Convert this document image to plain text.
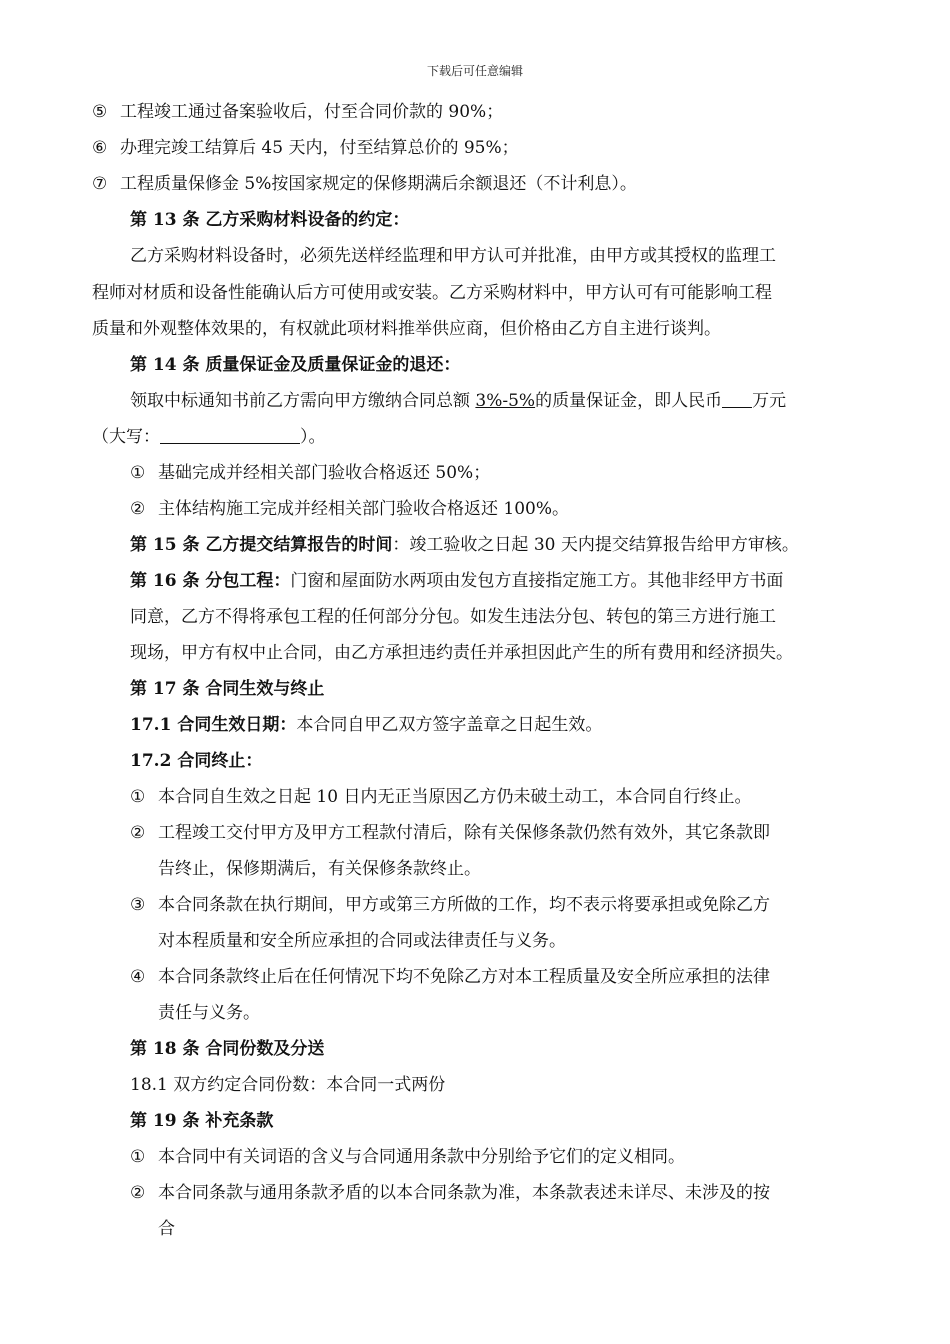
下载后可任意编辑
⑤ 工程竣工通过备案验收后，付至合同价款的 90%；
⑥ 办理完竣工结算后 45 天内，付至结算总价的 95%；
⑦ 工程质量保修金 5%按国家规定的保修期满后余额退还（不计利息）。
第 13 条 乙方采购材料设备的约定：
乙方采购材料设备时，必须先送样经监理和甲方认可并批准，由甲方或其授权的监理工
程师对材质和设备性能确认后方可使用或安装。乙方采购材料中，甲方认可有可能影响工程
质量和外观整体效果的，有权就此项材料推举供应商，但价格由乙方自主进行谈判。
第 14 条 质量保证金及质量保证金的退还：
领取中标通知书前乙方需向甲方缴纳合同总额 3%-5%的质量保证金，即人民币 万元
（大写：	）。
① 基础完成并经相关部门验收合格返还 50%；
② 主体结构施工完成并经相关部门验收合格返还 100%。
第 15 条 乙方提交结算报告的时间：竣工验收之日起 30 天内提交结算报告给甲方审核。
第 16 条 分包工程：门窗和屋面防水两项由发包方直接指定施工方。其他非经甲方书面
同意，乙方不得将承包工程的任何部分分包。如发生违法分包、转包的第三方进行施工
现场，甲方有权中止合同，由乙方承担违约责任并承担因此产生的所有费用和经济损失。
第 17 条 合同生效与终止
17.1 合同生效日期：本合同自甲乙双方签字盖章之日起生效。
17.2 合同终止：
① 本合同自生效之日起 10 日内无正当原因乙方仍未破土动工，本合同自行终止。
② 工程竣工交付甲方及甲方工程款付清后，除有关保修条款仍然有效外，其它条款即
告终止，保修期满后，有关保修条款终止。
③ 本合同条款在执行期间，甲方或第三方所做的工作，均不表示将要承担或免除乙方
对本程质量和安全所应承担的合同或法律责任与义务。
④ 本合同条款终止后在任何情况下均不免除乙方对本工程质量及安全所应承担的法律
责任与义务。
第 18 条 合同份数及分送
18.1 双方约定合同份数：本合同一式两份
第 19 条 补充条款
① 本合同中有关词语的含义与合同通用条款中分别给予它们的定义相同。
② 本合同条款与通用条款矛盾的以本合同条款为准，本条款表述未详尽、未涉及的按
合
